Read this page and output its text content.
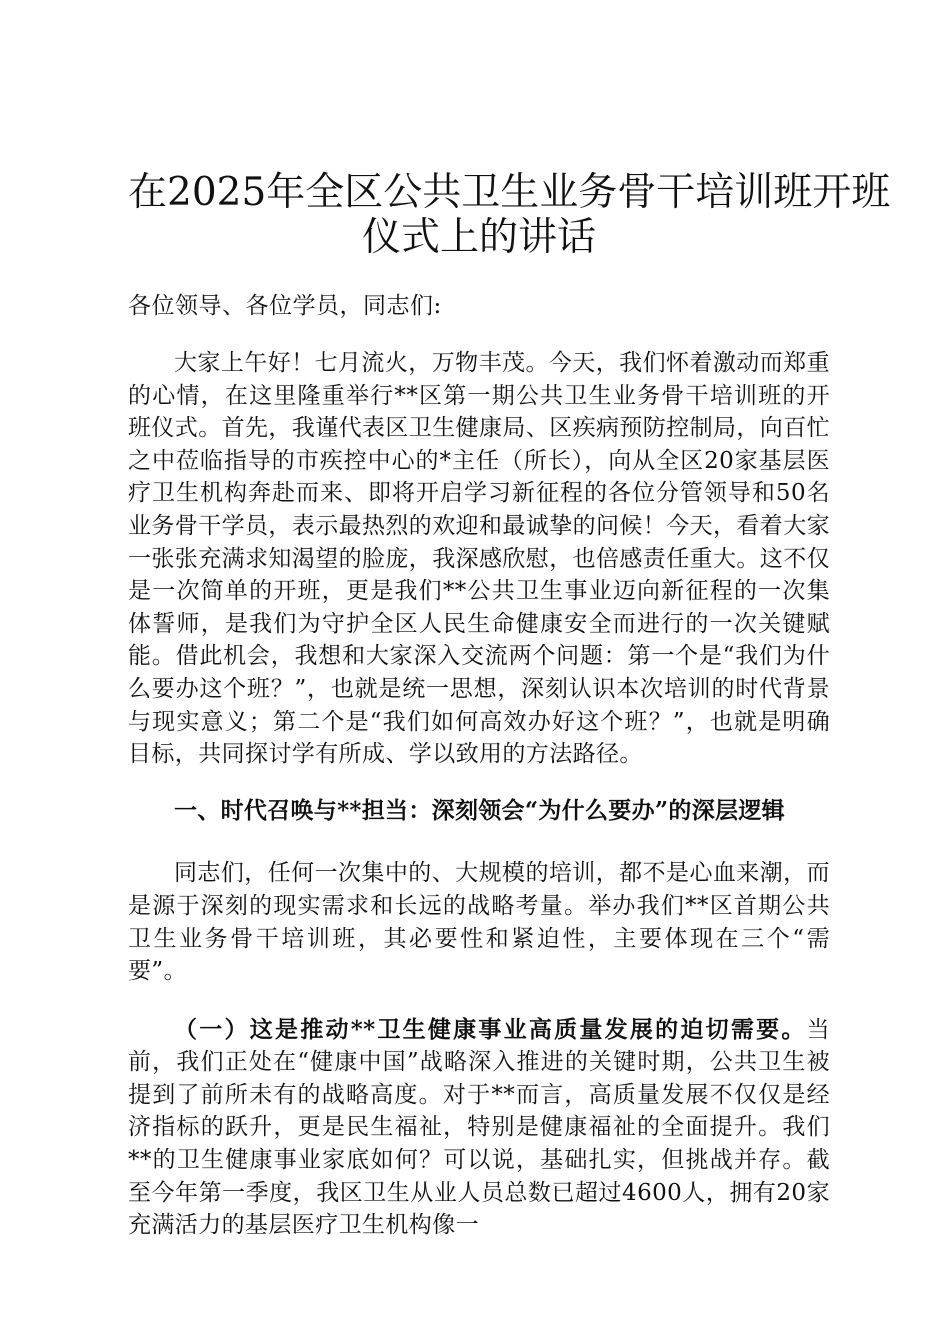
在2025年全区公共卫生业务骨干培训班开班
仪式上的讲话

各位领导、各位学员，同志们:

大家上午好！七月流火，万物丰茂。今天，我们怀着激动而郑重的心情，在这里隆重举行**区第一期公共卫生业务骨干培训班的开班仪式。首先，我谨代表区卫生健康局、区疾病预防控制局，向百忙之中莅临指导的市疾控中心的*主任（所长），向从全区20家基层医疗卫生机构奔赴而来、即将开启学习新征程的各位分管领导和50名业务骨干学员，表示最热烈的欢迎和最诚挚的问候！今天，看着大家一张张充满求知渴望的脸庞，我深感欣慰，也倍感责任重大。这不仅是一次简单的开班，更是我们**公共卫生事业迈向新征程的一次集体誓师，是我们为守护全区人民生命健康安全而进行的一次关键赋能。借此机会，我想和大家深入交流两个问题：第一个是“我们为什么要办这个班？”，也就是统一思想，深刻认识本次培训的时代背景与现实意义；第二个是“我们如何高效办好这个班？”，也就是明确目标，共同探讨学有所成、学以致用的方法路径。

一、时代召唤与**担当：深刻领会“为什么要办”的深层逻辑

同志们，任何一次集中的、大规模的培训，都不是心血来潮，而是源于深刻的现实需求和长远的战略考量。举办我们**区首期公共卫生业务骨干培训班，其必要性和紧迫性，主要体现在三个“需要”。

（一）这是推动**卫生健康事业高质量发展的迫切需要。当前，我们正处在“健康中国”战略深入推进的关键时期，公共卫生被提到了前所未有的战略高度。对于**而言，高质量发展不仅仅是经济指标的跃升，更是民生福祉，特别是健康福祉的全面提升。我们**的卫生健康事业家底如何？可以说，基础扎实，但挑战并存。截至今年第一季度，我区卫生从业人员总数已超过4600人，拥有20家充满活力的基层医疗卫生机构像一
